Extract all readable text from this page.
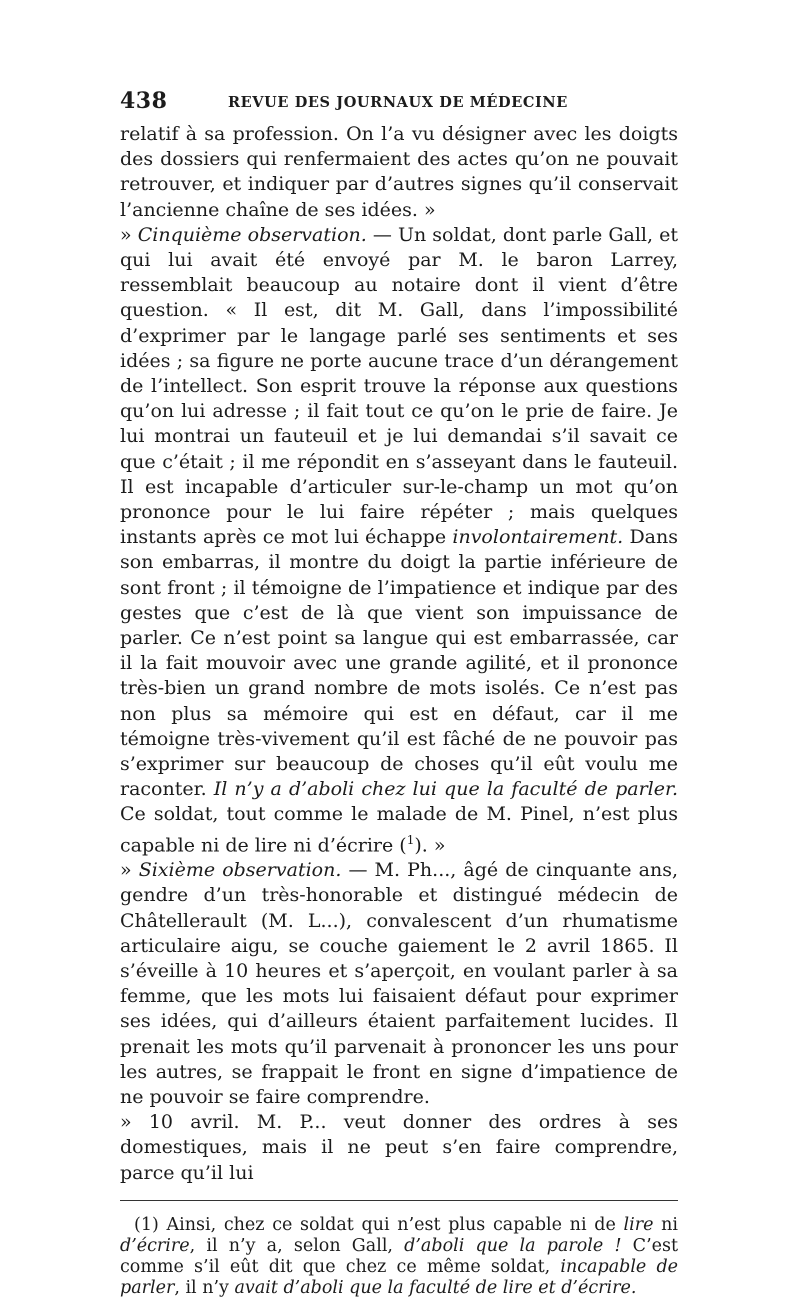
438	REVUE DES JOURNAUX DE MÉDECINE

relatif à sa profession. On l’a vu désigner avec les doigts des dossiers qui renfermaient des actes qu’on ne pouvait retrouver, et indiquer par d’autres signes qu’il conservait l’ancienne chaîne de ses idées. »

» Cinquième observation. — Un soldat, dont parle Gall, et qui lui avait été envoyé par M. le baron Larrey, ressemblait beaucoup au notaire dont il vient d’être question. « Il est, dit M. Gall, dans l’impossibilité d’exprimer par le langage parlé ses sentiments et ses idées ; sa figure ne porte aucune trace d’un dérangement de l’intellect. Son esprit trouve la réponse aux questions qu’on lui adresse ; il fait tout ce qu’on le prie de faire. Je lui montrai un fauteuil et je lui demandai s’il savait ce que c’était ; il me répondit en s’asseyant dans le fauteuil. Il est incapable d’articuler sur-le-champ un mot qu’on prononce pour le lui faire répéter ; mais quelques instants après ce mot lui échappe involontairement. Dans son embarras, il montre du doigt la partie inférieure de sont front ; il témoigne de l’impatience et indique par des gestes que c’est de là que vient son impuissance de parler. Ce n’est point sa langue qui est embarrassée, car il la fait mouvoir avec une grande agilité, et il prononce très-bien un grand nombre de mots isolés. Ce n’est pas non plus sa mémoire qui est en défaut, car il me témoigne très-vivement qu’il est fâché de ne pouvoir pas s’exprimer sur beaucoup de choses qu’il eût voulu me raconter. Il n’y a d’aboli chez lui que la faculté de parler. Ce soldat, tout comme le malade de M. Pinel, n’est plus capable ni de lire ni d’écrire ($^1$). »

» Sixième observation. — M. Ph..., âgé de cinquante ans, gendre d’un très-honorable et distingué médecin de Châtellerault (M. L...), convalescent d’un rhumatisme articulaire aigu, se couche gaiement le 2 avril 1865. Il s’éveille à 10 heures et s’aperçoit, en voulant parler à sa femme, que les mots lui faisaient défaut pour exprimer ses idées, qui d’ailleurs étaient parfaitement lucides. Il prenait les mots qu’il parvenait à prononcer les uns pour les autres, se frappait le front en signe d’impatience de ne pouvoir se faire comprendre.

» 10 avril. M. P... veut donner des ordres à ses domestiques, mais il ne peut s’en faire comprendre, parce qu’il lui

(1) Ainsi, chez ce soldat qui n’est plus capable ni de lire ni d’écrire, il n’y a, selon Gall, d’aboli que la parole ! C’est comme s’il eût dit que chez ce même soldat, incapable de parler, il n’y avait d’aboli que la faculté de lire et d’écrire.
